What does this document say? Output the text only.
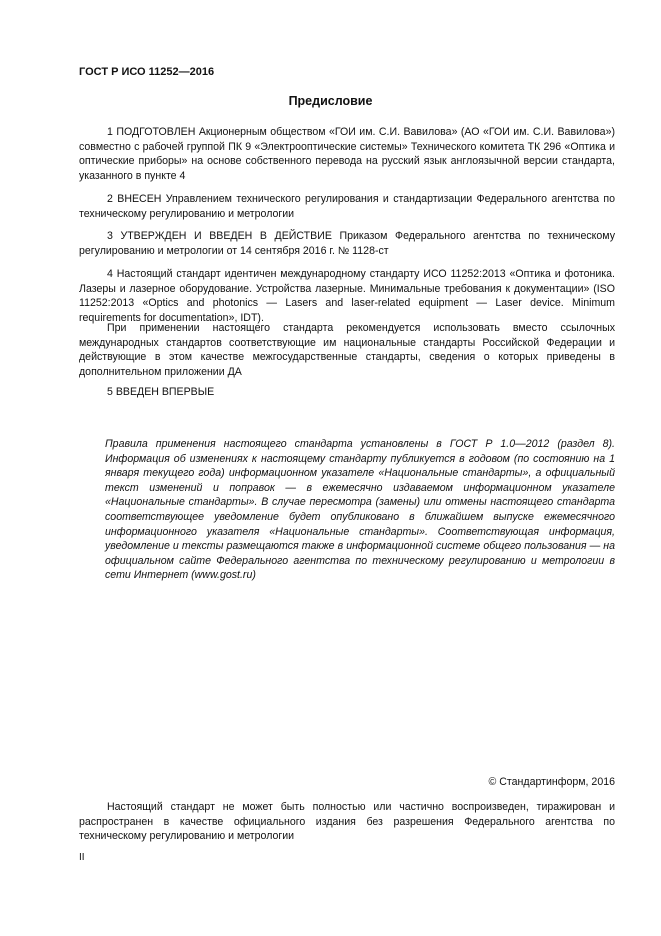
ГОСТ Р ИСО 11252—2016
Предисловие
1 ПОДГОТОВЛЕН Акционерным обществом «ГОИ им. С.И. Вавилова» (АО «ГОИ им. С.И. Вавилова») совместно с рабочей группой ПК 9 «Электрооптические системы» Технического комитета ТК 296 «Оптика и оптические приборы» на основе собственного перевода на русский язык англоязычной версии стандарта, указанного в пункте 4
2 ВНЕСЕН Управлением технического регулирования и стандартизации Федерального агентства по техническому регулированию и метрологии
3 УТВЕРЖДЕН И ВВЕДЕН В ДЕЙСТВИЕ Приказом Федерального агентства по техническому регулированию и метрологии от 14 сентября 2016 г. № 1128-ст
4 Настоящий стандарт идентичен международному стандарту ИСО 11252:2013 «Оптика и фотоника. Лазеры и лазерное оборудование. Устройства лазерные. Минимальные требования к документации» (ISO 11252:2013 «Optics and photonics — Lasers and laser-related equipment — Laser device. Minimum requirements for documentation», IDT).
При применении настоящего стандарта рекомендуется использовать вместо ссылочных международных стандартов соответствующие им национальные стандарты Российской Федерации и действующие в этом качестве межгосударственные стандарты, сведения о которых приведены в дополнительном приложении ДА
5 ВВЕДЕН ВПЕРВЫЕ
Правила применения настоящего стандарта установлены в ГОСТ Р 1.0—2012 (раздел 8). Информация об изменениях к настоящему стандарту публикуется в годовом (по состоянию на 1 января текущего года) информационном указателе «Национальные стандарты», а официальный текст изменений и поправок — в ежемесячно издаваемом информационном указателе «Национальные стандарты». В случае пересмотра (замены) или отмены настоящего стандарта соответствующее уведомление будет опубликовано в ближайшем выпуске ежемесячного информационного указателя «Национальные стандарты». Соответствующая информация, уведомление и тексты размещаются также в информационной системе общего пользования — на официальном сайте Федерального агентства по техническому регулированию и метрологии в сети Интернет (www.gost.ru)
© Стандартинформ, 2016
Настоящий стандарт не может быть полностью или частично воспроизведен, тиражирован и распространен в качестве официального издания без разрешения Федерального агентства по техническому регулированию и метрологии
II
